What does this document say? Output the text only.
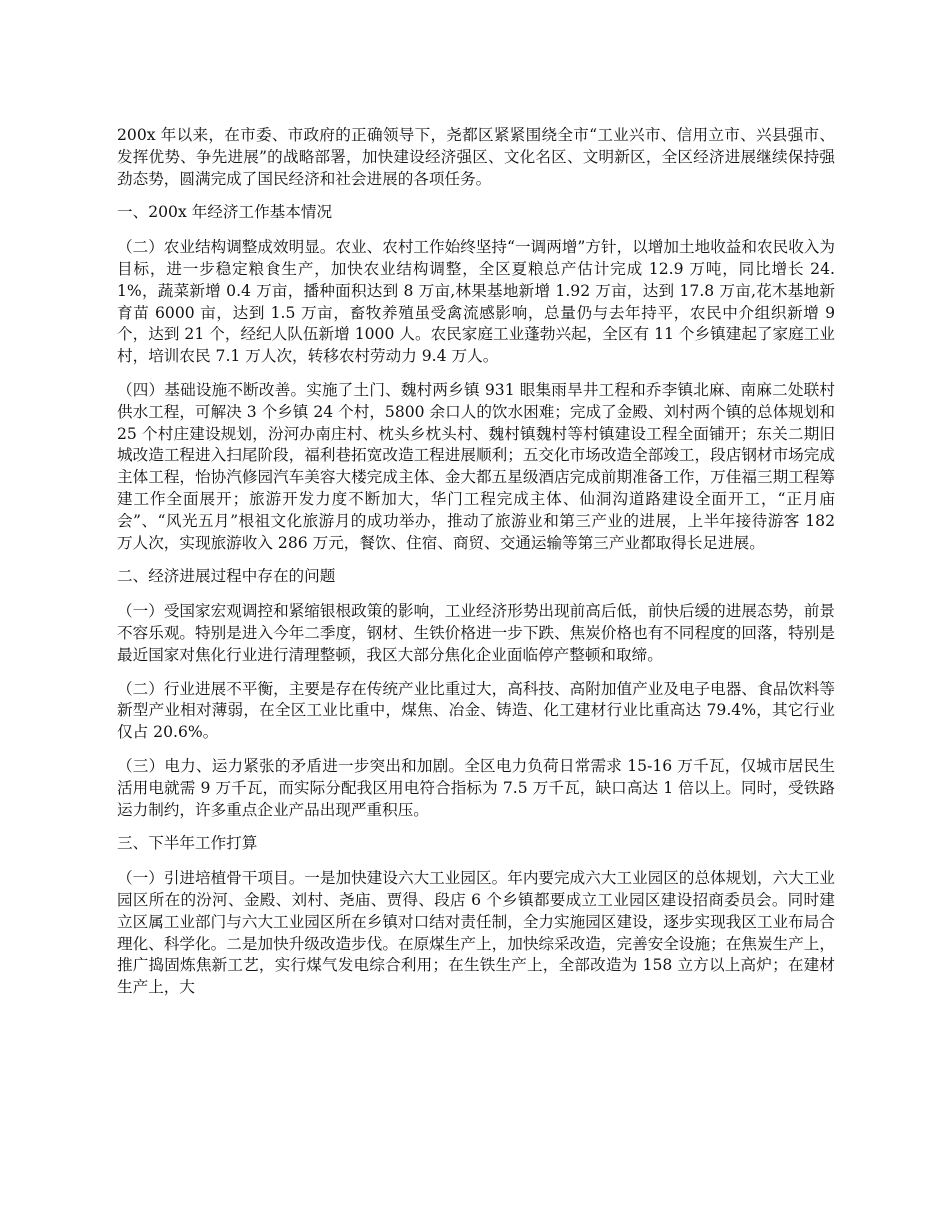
200x 年以来，在市委、市政府的正确领导下，尧都区紧紧围绕全市“工业兴市、信用立市、兴县强市、发挥优势、争先进展”的战略部署，加快建设经济强区、文化名区、文明新区，全区经济进展继续保持强劲态势，圆满完成了国民经济和社会进展的各项任务。

一、200x 年经济工作基本情况

（二）农业结构调整成效明显。农业、农村工作始终坚持“一调两增”方针，以增加土地收益和农民收入为目标，进一步稳定粮食生产，加快农业结构调整，全区夏粮总产估计完成 12.9 万吨，同比增长 24.1%，蔬菜新增 0.4 万亩，播种面积达到 8 万亩,林果基地新增 1.92 万亩，达到 17.8 万亩,花木基地新育苗 6000 亩，达到 1.5 万亩，畜牧养殖虽受禽流感影响，总量仍与去年持平，农民中介组织新增 9 个，达到 21 个，经纪人队伍新增 1000 人。农民家庭工业蓬勃兴起，全区有 11 个乡镇建起了家庭工业村，培训农民 7.1 万人次，转移农村劳动力 9.4 万人。

（四）基础设施不断改善。实施了土门、魏村两乡镇 931 眼集雨旱井工程和乔李镇北麻、南麻二处联村供水工程，可解决 3 个乡镇 24 个村，5800 余口人的饮水困难；完成了金殿、刘村两个镇的总体规划和 25 个村庄建设规划，汾河办南庄村、枕头乡枕头村、魏村镇魏村等村镇建设工程全面铺开；东关二期旧城改造工程进入扫尾阶段，福利巷拓宽改造工程进展顺利；五交化市场改造全部竣工，段店钢材市场完成主体工程，怡协汽修园汽车美容大楼完成主体、金大都五星级酒店完成前期准备工作，万佳福三期工程筹建工作全面展开；旅游开发力度不断加大，华门工程完成主体、仙洞沟道路建设全面开工，“正月庙会”、“风光五月”根祖文化旅游月的成功举办，推动了旅游业和第三产业的进展，上半年接待游客 182 万人次，实现旅游收入 286 万元，餐饮、住宿、商贸、交通运输等第三产业都取得长足进展。

二、经济进展过程中存在的问题

（一）受国家宏观调控和紧缩银根政策的影响，工业经济形势出现前高后低，前快后缓的进展态势，前景不容乐观。特别是进入今年二季度，钢材、生铁价格进一步下跌、焦炭价格也有不同程度的回落，特别是最近国家对焦化行业进行清理整顿，我区大部分焦化企业面临停产整顿和取缔。

（二）行业进展不平衡，主要是存在传统产业比重过大，高科技、高附加值产业及电子电器、食品饮料等新型产业相对薄弱，在全区工业比重中，煤焦、冶金、铸造、化工建材行业比重高达 79.4%，其它行业仅占 20.6%。

（三）电力、运力紧张的矛盾进一步突出和加剧。全区电力负荷日常需求 15-16 万千瓦，仅城市居民生活用电就需 9 万千瓦，而实际分配我区用电符合指标为 7.5 万千瓦，缺口高达 1 倍以上。同时，受铁路运力制约，许多重点企业产品出现严重积压。

三、下半年工作打算

（一）引进培植骨干项目。一是加快建设六大工业园区。年内要完成六大工业园区的总体规划，六大工业园区所在的汾河、金殿、刘村、尧庙、贾得、段店 6 个乡镇都要成立工业园区建设招商委员会。同时建立区属工业部门与六大工业园区所在乡镇对口结对责任制，全力实施园区建设，逐步实现我区工业布局合理化、科学化。二是加快升级改造步伐。在原煤生产上，加快综采改造，完善安全设施；在焦炭生产上，推广捣固炼焦新工艺，实行煤气发电综合利用；在生铁生产上，全部改造为 158 立方以上高炉；在建材生产上，大
